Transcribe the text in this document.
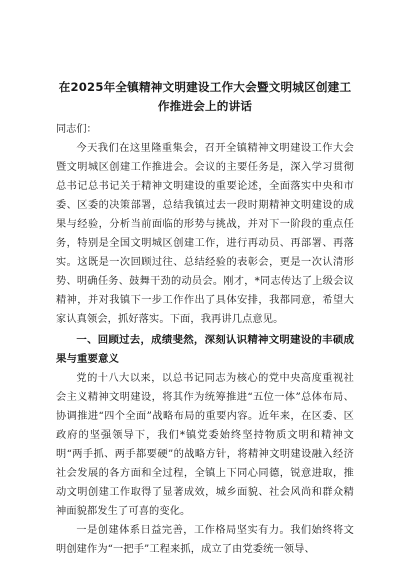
在2025年全镇精神文明建设工作大会暨文明城区创建工作推进会上的讲话

同志们：

今天我们在这里隆重集会，召开全镇精神文明建设工作大会暨文明城区创建工作推进会。会议的主要任务是，深入学习贯彻总书记总书记关于精神文明建设的重要论述，全面落实中央和市委、区委的决策部署，总结我镇过去一段时期精神文明建设的成果与经验，分析当前面临的形势与挑战，并对下一阶段的重点任务，特别是全国文明城区创建工作，进行再动员、再部署、再落实。这既是一次回顾过往、总结经验的表彰会，更是一次认清形势、明确任务、鼓舞干劲的动员会。刚才，*同志传达了上级会议精神，并对我镇下一步工作作出了具体安排，我都同意，希望大家认真领会，抓好落实。下面，我再讲几点意见。

一、回顾过去，成绩斐然，深刻认识精神文明建设的丰硕成果与重要意义

党的十八大以来，以总书记同志为核心的党中央高度重视社会主义精神文明建设，将其作为统筹推进“五位一体”总体布局、协调推进“四个全面”战略布局的重要内容。近年来，在区委、区政府的坚强领导下，我们*镇党委始终坚持物质文明和精神文明“两手抓、两手都要硬”的战略方针，将精神文明建设融入经济社会发展的各方面和全过程，全镇上下同心同德，锐意进取，推动文明创建工作取得了显著成效，城乡面貌、社会风尚和群众精神面貌都发生了可喜的变化。

一是创建体系日益完善，工作格局坚实有力。我们始终将文明创建作为“一把手”工程来抓，成立了由党委统一领导、
